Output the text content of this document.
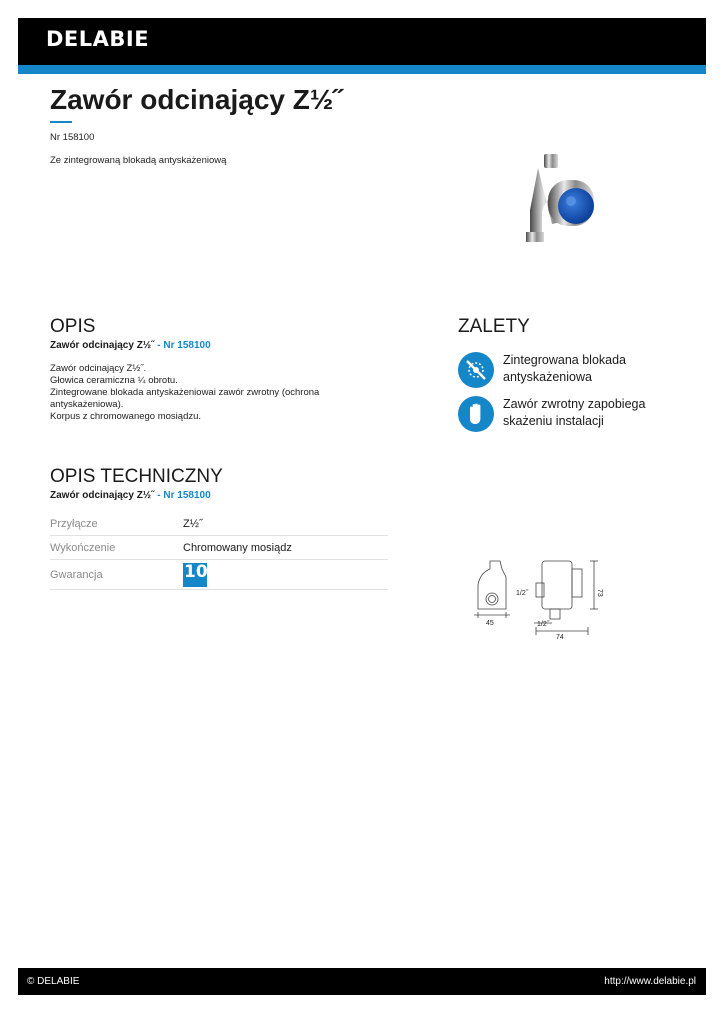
DELABIE
Zawór odcinający Z½˝
Nr 158100
Ze zintegrowaną blokadą antyskażeniową
OPIS
Zawór odcinający Z½˝ - Nr 158100
Zawór odcinający Z½˝.
Głowica ceramiczna ¼ obrotu.
Zintegrowane blokada antyskażeniowai zawór zwrotny (ochrona antyskażeniowa).
Korpus z chromowanego mosiądzu.
ZALETY
Zintegrowana blokada antyskażeniowa
Zawór zwrotny zapobiega skażeniu instalacji
OPIS TECHNICZNY
Zawór odcinający Z½˝ - Nr 158100
Przyłącze	Z½˝
Wykończenie	Chromowany mosiądz
Gwarancja	10
45
74
73
1/2˝
1/2˝
© DELABIE	http://www.delabie.pl
